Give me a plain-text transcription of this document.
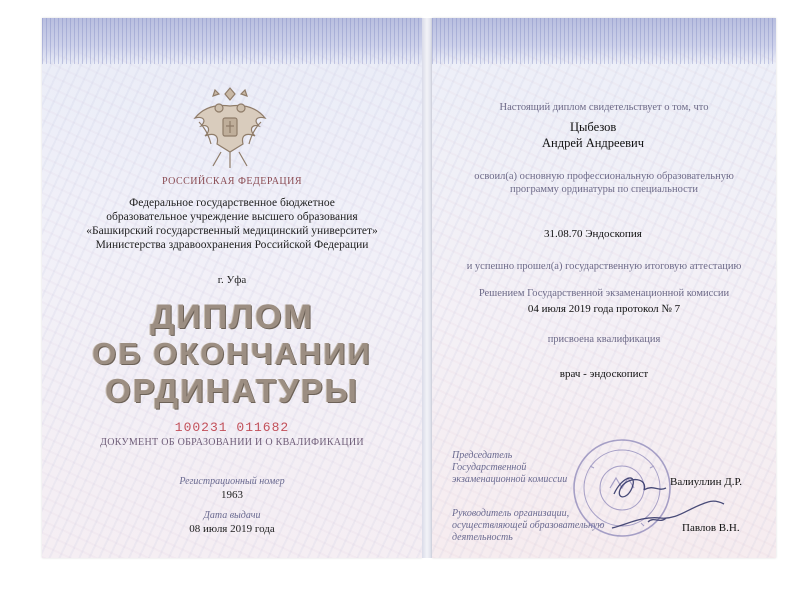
РОССИЙСКАЯ ФЕДЕРАЦИЯ
Федеральное государственное бюджетное
образовательное учреждение высшего образования
«Башкирский государственный медицинский университет»
Министерства здравоохранения Российской Федерации
г. Уфа
ДИПЛОМ
ОБ ОКОНЧАНИИ
ОРДИНАТУРЫ
100231 011682
ДОКУМЕНТ ОБ ОБРАЗОВАНИИ И О КВАЛИФИКАЦИИ
Регистрационный номер
1963
Дата выдачи
08 июля 2019 года
Настоящий диплом свидетельствует о том, что
Цыбезов
Андрей Андреевич
освоил(а) основную профессиональную образовательную
программу ординатуры по специальности
31.08.70 Эндоскопия
и успешно прошел(а) государственную итоговую аттестацию
Решением Государственной экзаменационной комиссии
04 июля 2019 года протокол № 7
присвоена квалификация
врач - эндоскопист
Председатель
Государственной
экзаменационной комиссии	Валиуллин Д.Р.
Руководитель организации,
осуществляющей образовательную
деятельность
Павлов В.Н.
